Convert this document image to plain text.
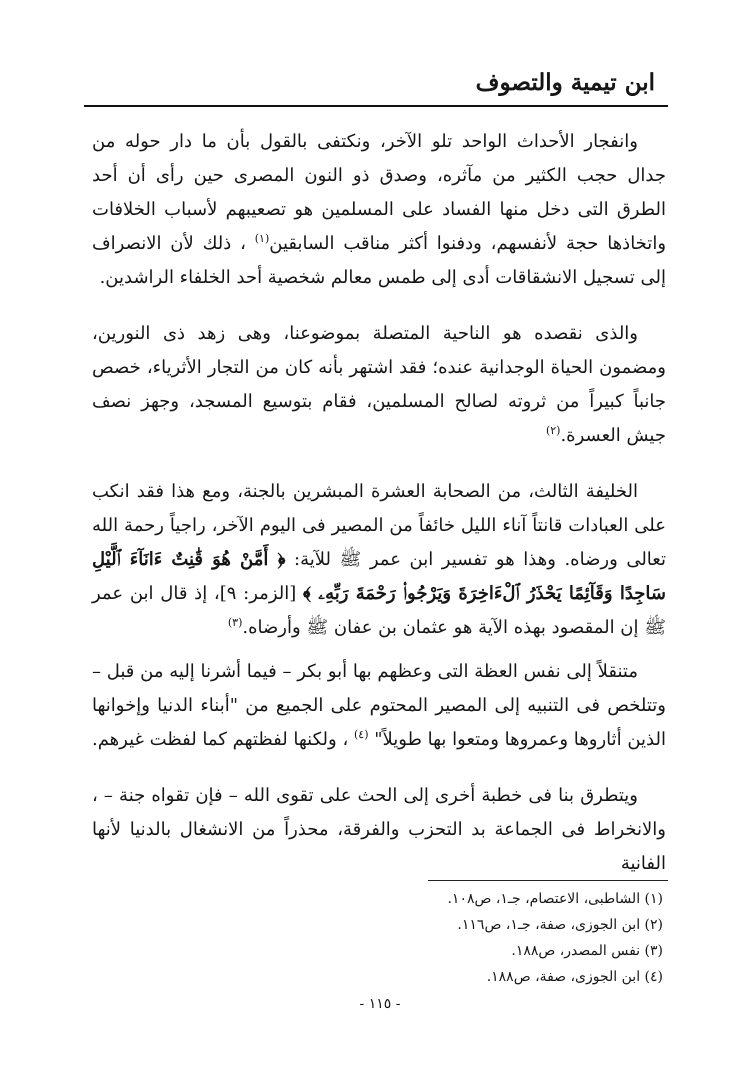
ابن تيمية والتصوف

وانفجار الأحداث الواحد تلو الآخر، ونكتفى بالقول بأن ما دار حوله من جدال حجب الكثير من مآثره، وصدق ذو النون المصرى حين رأى أن أحد الطرق التى دخل منها الفساد على المسلمين هو تصعيبهم لأسباب الخلافات واتخاذها حجة لأنفسهم، ودفنوا أكثر مناقب السابقين$^{(١)}$ ، ذلك لأن الانصراف إلى تسجيل الانشقاقات أدى إلى طمس معالم شخصية أحد الخلفاء الراشدين.

والذى نقصده هو الناحية المتصلة بموضوعنا، وهى زهد ذى النورين، ومضمون الحياة الوجدانية عنده؛ فقد اشتهر بأنه كان من التجار الأثرياء، خصص جانباً كبيراً من ثروته لصالح المسلمين، فقام بتوسيع المسجد، وجهز نصف جيش العسرة.$^{(٢)}$

الخليفة الثالث، من الصحابة العشرة المبشرين بالجنة، ومع هذا فقد انكب على العبادات قانتاً آناء الليل خائفاً من المصير فى اليوم الآخر، راجياً رحمة الله تعالى ورضاه. وهذا هو تفسير ابن عمر ﷺ للآية: ﴿ أَمَّنْ هُوَ قَٰنِتٌ ءَانَآءَ ٱلَّيْلِ سَاجِدًا وَقَآئِمًا يَحْذَرُ ٱلْءَاخِرَةَ وَيَرْجُوا۟ رَحْمَةَ رَبِّهِۦ ﴾ [الزمر: ٩]، إذ قال ابن عمر ﷺ إن المقصود بهذه الآية هو عثمان بن عفان ﷺ وأرضاه.$^{(٣)}$

متنقلاً إلى نفس العظة التى وعظهم بها أبو بكر – فيما أشرنا إليه من قبل – وتتلخص فى التنبيه إلى المصير المحتوم على الجميع من "أبناء الدنيا وإخوانها الذين أثاروها وعمروها ومتعوا بها طويلاً" $^{(٤)}$ ، ولكنها لفظتهم كما لفظت غيرهم.

ويتطرق بنا فى خطبة أخرى إلى الحث على تقوى الله – فإن تقواه جنة – ، والانخراط فى الجماعة بد التحزب والفرقة، محذراً من الانشغال بالدنيا لأنها الفانية

(١) الشاطبى، الاعتصام، جـ١، ص١٠٨.
(٢) ابن الجوزى، صفة، جـ١، ص١١٦.
(٣) نفس المصدر، ص١٨٨.
(٤) ابن الجوزى، صفة، ص١٨٨.
- ١١٥ -
